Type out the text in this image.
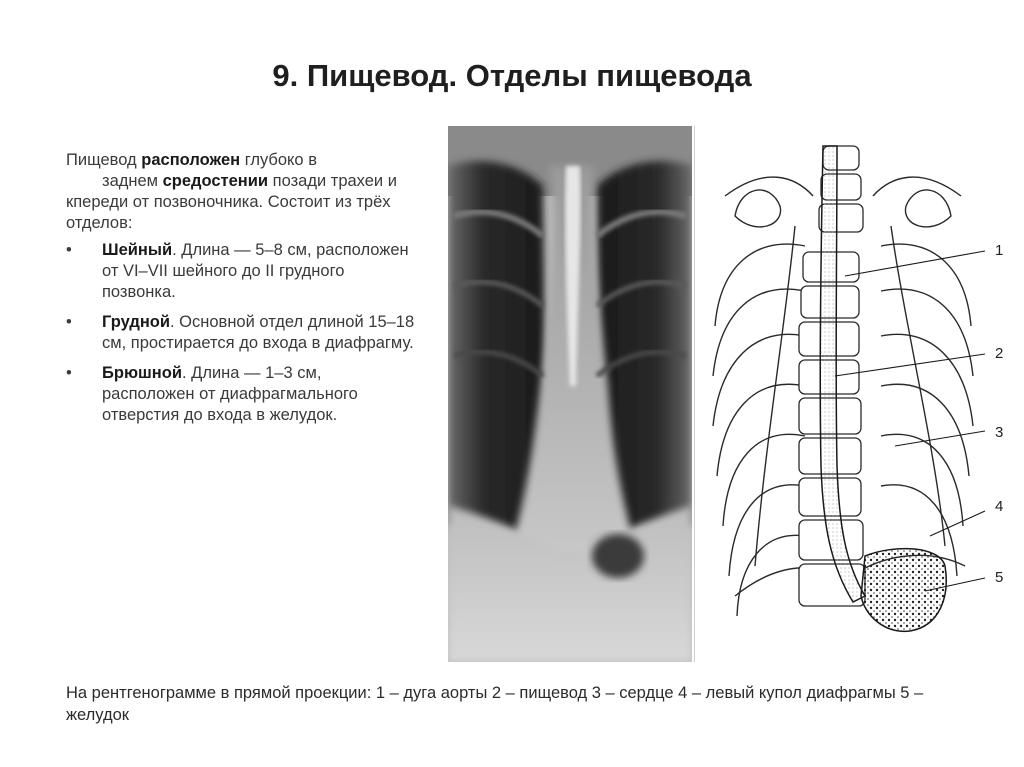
9. Пищевод. Отделы пищевода

Пищевод расположен глубоко в
заднем средостении позади трахеи и кпереди от позвоночника. Состоит из трёх отделов:

• Шейный. Длина — 5–8 см, расположен от VI–VII шейного до II грудного позвонка.
• Грудной. Основной отдел длиной 15–18 см, простирается до входа в диафрагму.
• Брюшной. Длина — 1–3 см, расположен от диафрагмального отверстия до входа в желудок.
1
2
3
4
5

На рентгенограмме в прямой проекции: 1 – дуга аорты 2 – пищевод 3 – сердце 4 – левый купол диафрагмы 5 – желудок
